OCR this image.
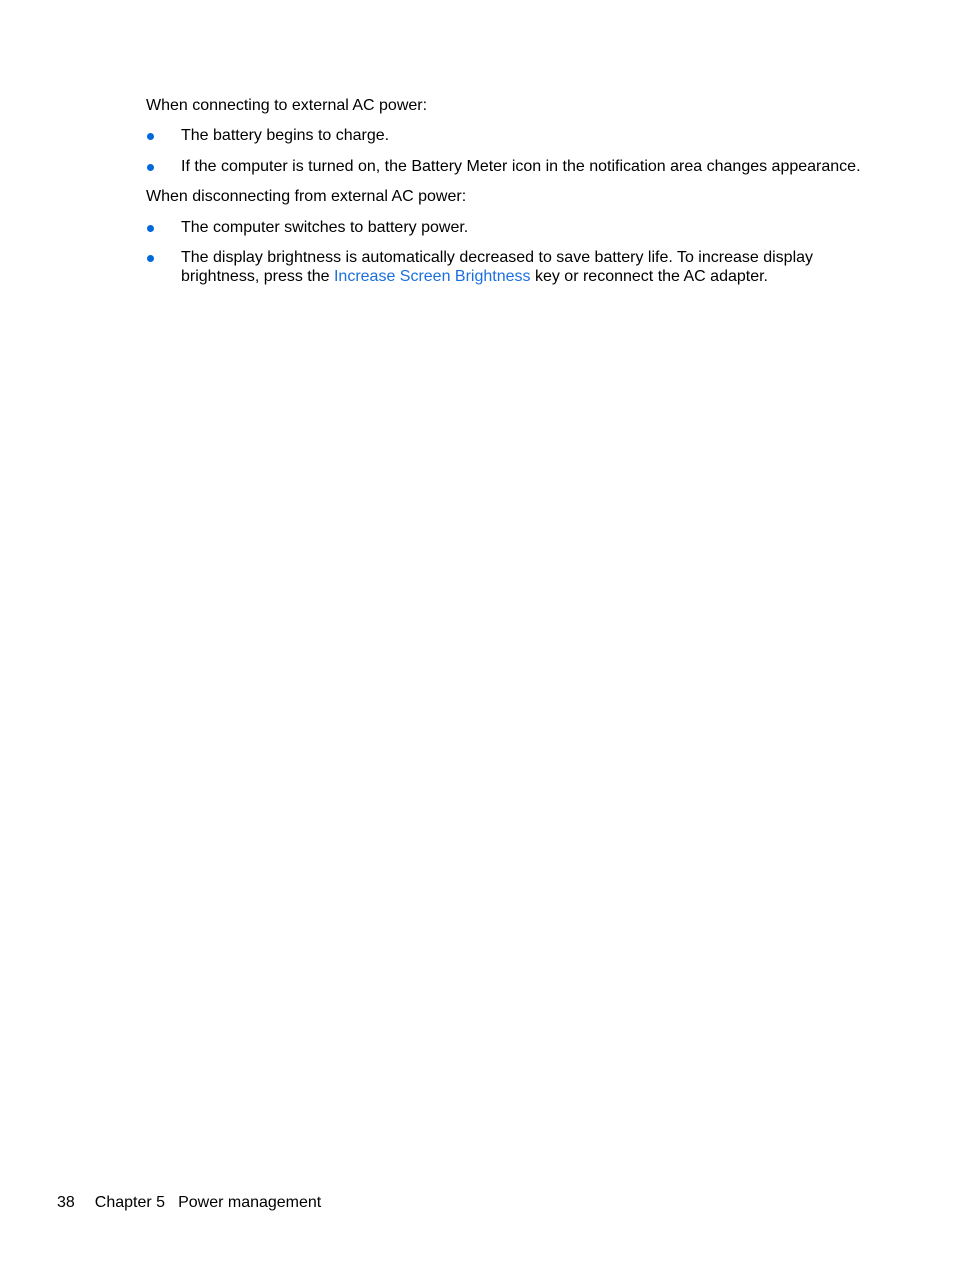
When connecting to external AC power:

The battery begins to charge.
If the computer is turned on, the Battery Meter icon in the notification area changes appearance.

When disconnecting from external AC power:

The computer switches to battery power.
The display brightness is automatically decreased to save battery life. To increase display brightness, press the Increase Screen Brightness key or reconnect the AC adapter.
38 Chapter 5 Power management
